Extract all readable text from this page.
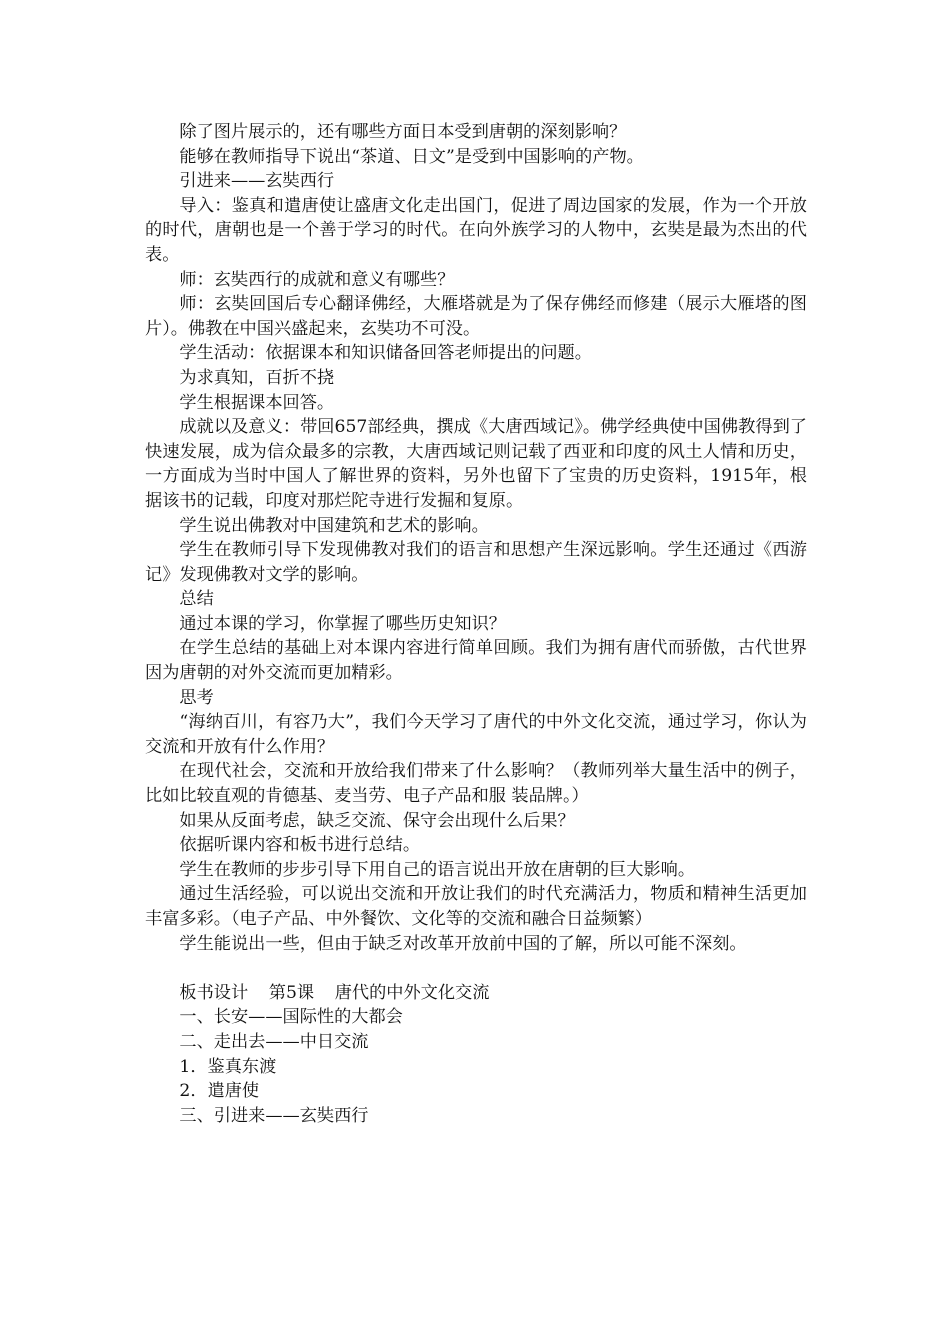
除了图片展示的，还有哪些方面日本受到唐朝的深刻影响？

能够在教师指导下说出“茶道、日文”是受到中国影响的产物。

引进来——玄奘西行

导入：鉴真和遣唐使让盛唐文化走出国门，促进了周边国家的发展，作为一个开放的时代，唐朝也是一个善于学习的时代。在向外族学习的人物中，玄奘是最为杰出的代表。

师：玄奘西行的成就和意义有哪些？

师：玄奘回国后专心翻译佛经，大雁塔就是为了保存佛经而修建（展示大雁塔的图片）。佛教在中国兴盛起来，玄奘功不可没。

学生活动：依据课本和知识储备回答老师提出的问题。

为求真知，百折不挠

学生根据课本回答。

成就以及意义：带回657部经典，撰成《大唐西域记》。佛学经典使中国佛教得到了快速发展，成为信众最多的宗教，大唐西域记则记载了西亚和印度的风土人情和历史，一方面成为当时中国人了解世界的资料，另外也留下了宝贵的历史资料，1915年，根据该书的记载，印度对那烂陀寺进行发掘和复原。

学生说出佛教对中国建筑和艺术的影响。

学生在教师引导下发现佛教对我们的语言和思想产生深远影响。学生还通过《西游记》发现佛教对文学的影响。

总结

通过本课的学习，你掌握了哪些历史知识？

在学生总结的基础上对本课内容进行简单回顾。我们为拥有唐代而骄傲，古代世界因为唐朝的对外交流而更加精彩。

思考

“海纳百川，有容乃大”，我们今天学习了唐代的中外文化交流，通过学习，你认为交流和开放有什么作用？

在现代社会，交流和开放给我们带来了什么影响？（教师列举大量生活中的例子，比如比较直观的肯德基、麦当劳、电子产品和服 装品牌。）

如果从反面考虑，缺乏交流、保守会出现什么后果？

依据听课内容和板书进行总结。

学生在教师的步步引导下用自己的语言说出开放在唐朝的巨大影响。

通过生活经验，可以说出交流和开放让我们的时代充满活力，物质和精神生活更加丰富多彩。（电子产品、中外餐饮、文化等的交流和融合日益频繁）

学生能说出一些，但由于缺乏对改革开放前中国的了解，所以可能不深刻。

板书设计 第5课 唐代的中外文化交流

一、长安——国际性的大都会

二、走出去——中日交流

1．鉴真东渡

2．遣唐使

三、引进来——玄奘西行
